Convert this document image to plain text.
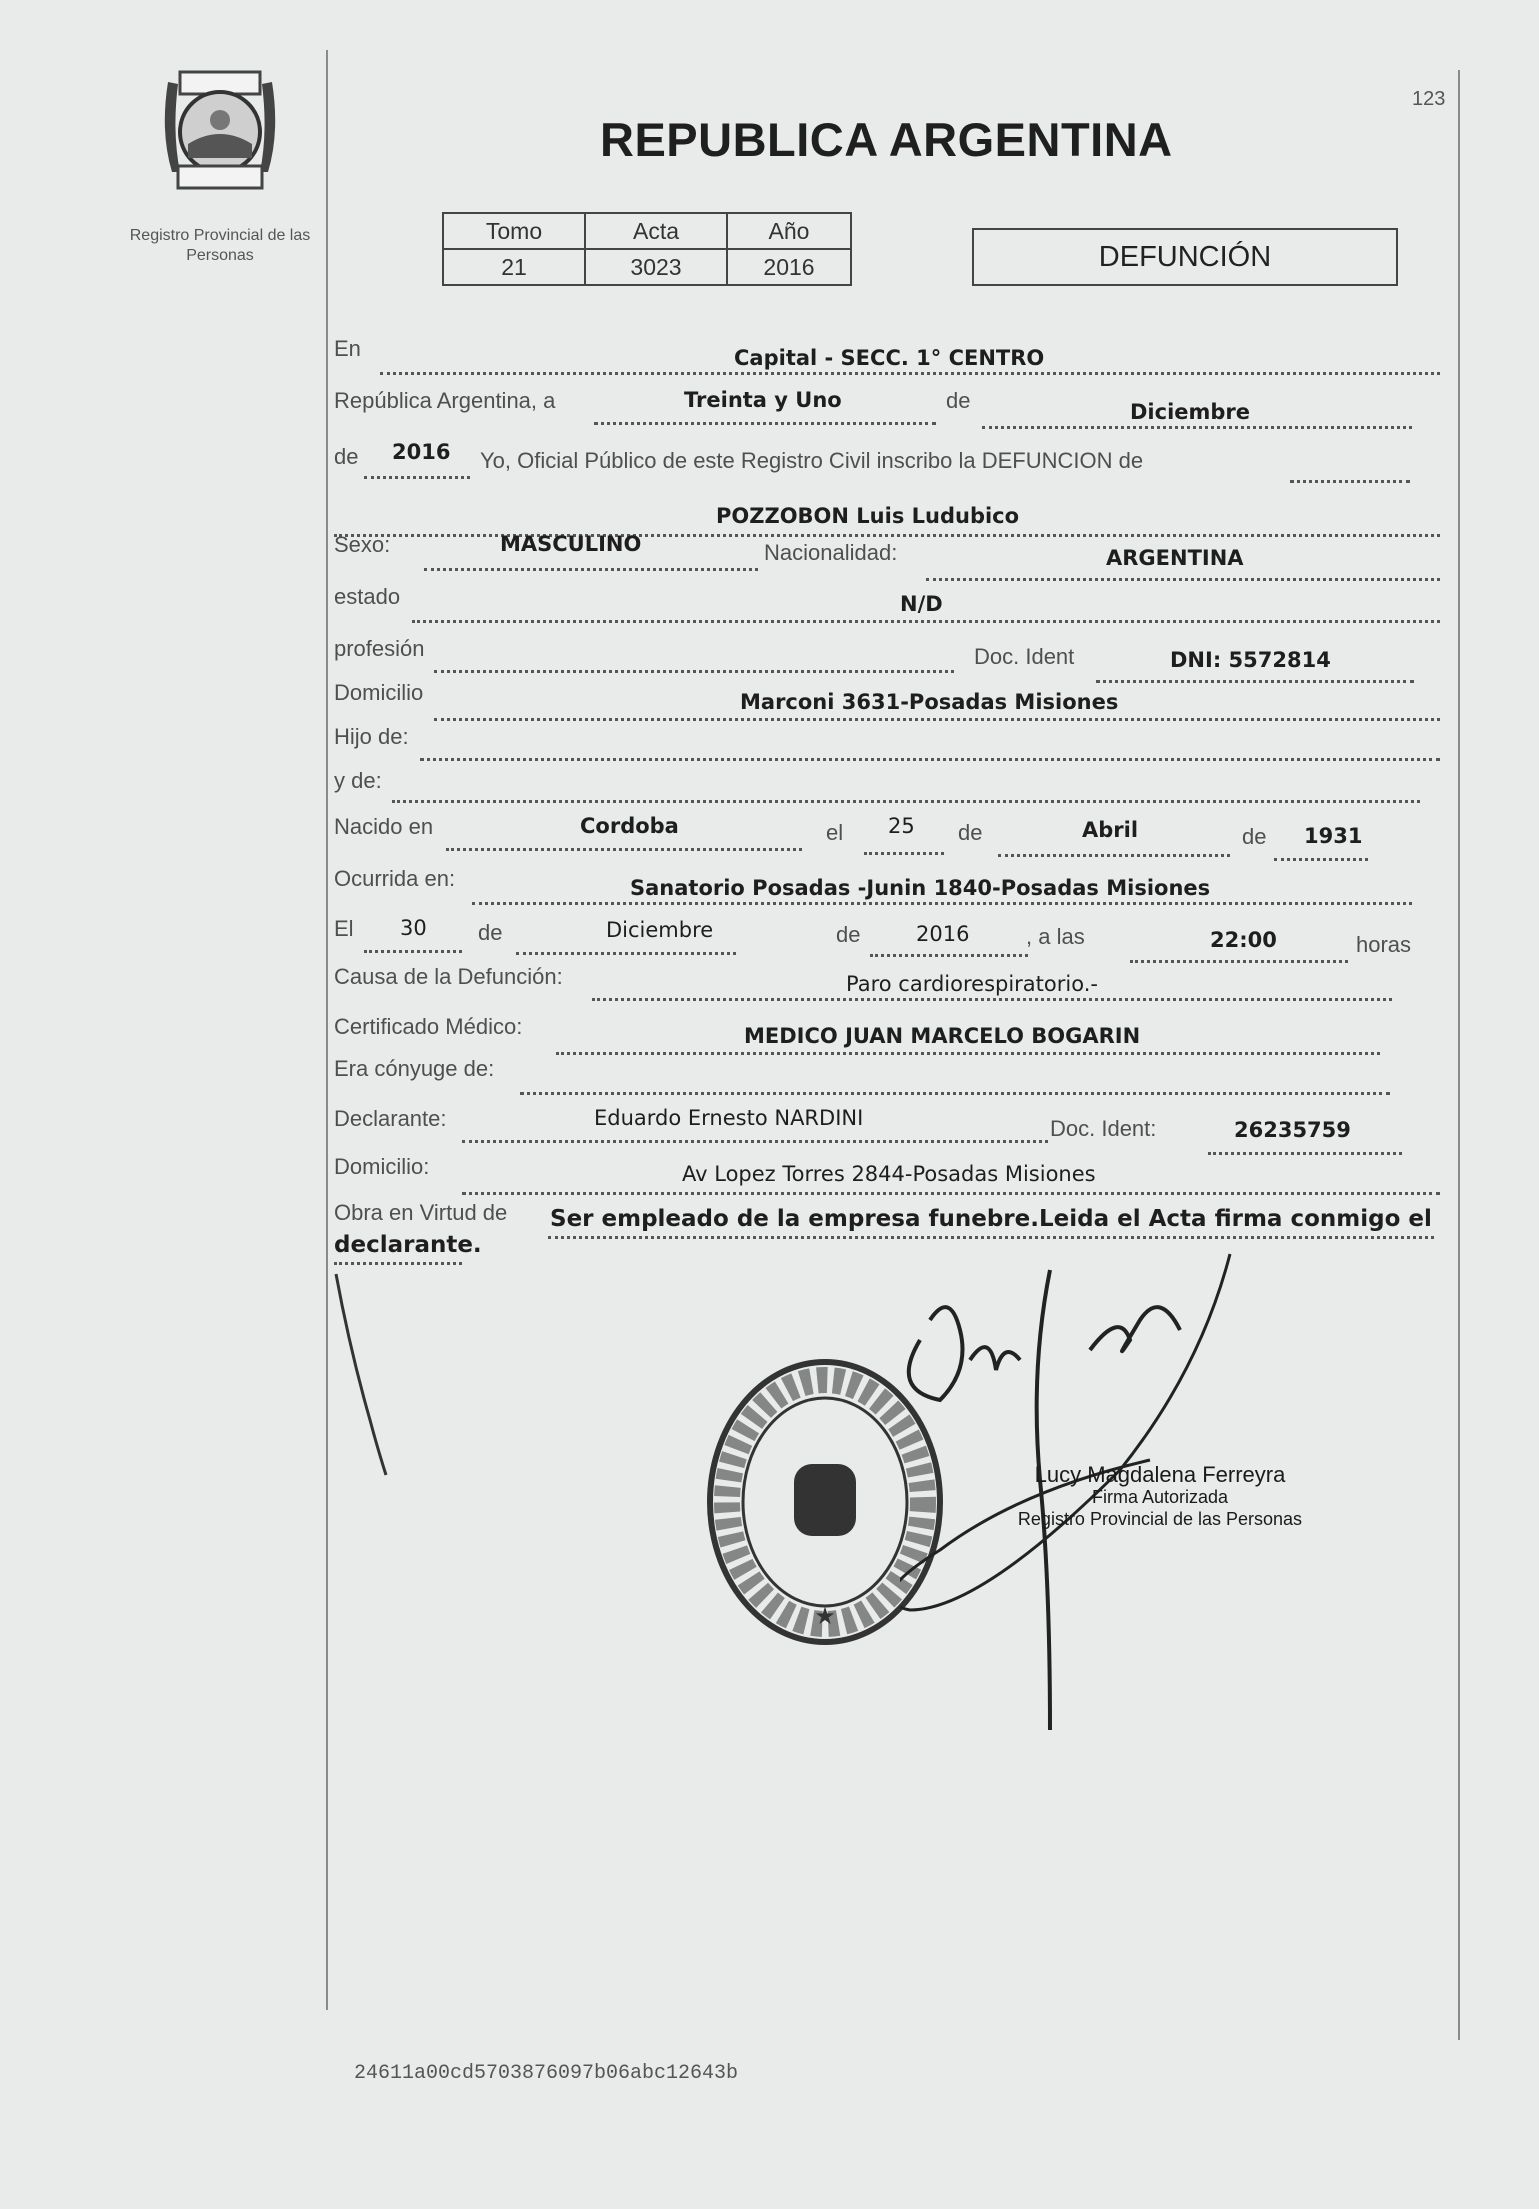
Registro Provincial de las Personas
REPUBLICA ARGENTINA
123
Tomo	Acta	Año
21	3023	2016	DEFUNCIÓN
En	Capital - SECC. 1° CENTRO
República Argentina, a	Treinta y Uno	de	Diciembre
de 2016 Yo, Oficial Público de este Registro Civil inscribo la DEFUNCION de
POZZOBON Luis Ludubico
Sexo:	MASCULINO	Nacionalidad:	ARGENTINA
estado	N/D
profesión	Doc. Ident	DNI: 5572814
Domicilio	Marconi 3631-Posadas Misiones
Hijo de:
y de:
Nacido en	Cordoba	el 25 de	Abril	de 1931
Ocurrida en:	Sanatorio Posadas -Junin 1840-Posadas Misiones
El 30 de	Diciembre	de	2016	, a las	22:00	horas
Causa de la Defunción:	Paro cardiorespiratorio.-
Certificado Médico:	MEDICO JUAN MARCELO BOGARIN
Era cónyuge de:
Declarante:	Eduardo Ernesto NARDINI	Doc. Ident:	26235759
Domicilio:	Av Lopez Torres 2844-Posadas Misiones
Obra en Virtud de Ser empleado de la empresa funebre.Leida el Acta firma conmigo el
declarante.
★
Lucy Magdalena Ferreyra
Firma Autorizada
Registro Provincial de las Personas
24611a00cd5703876097b06abc12643b
